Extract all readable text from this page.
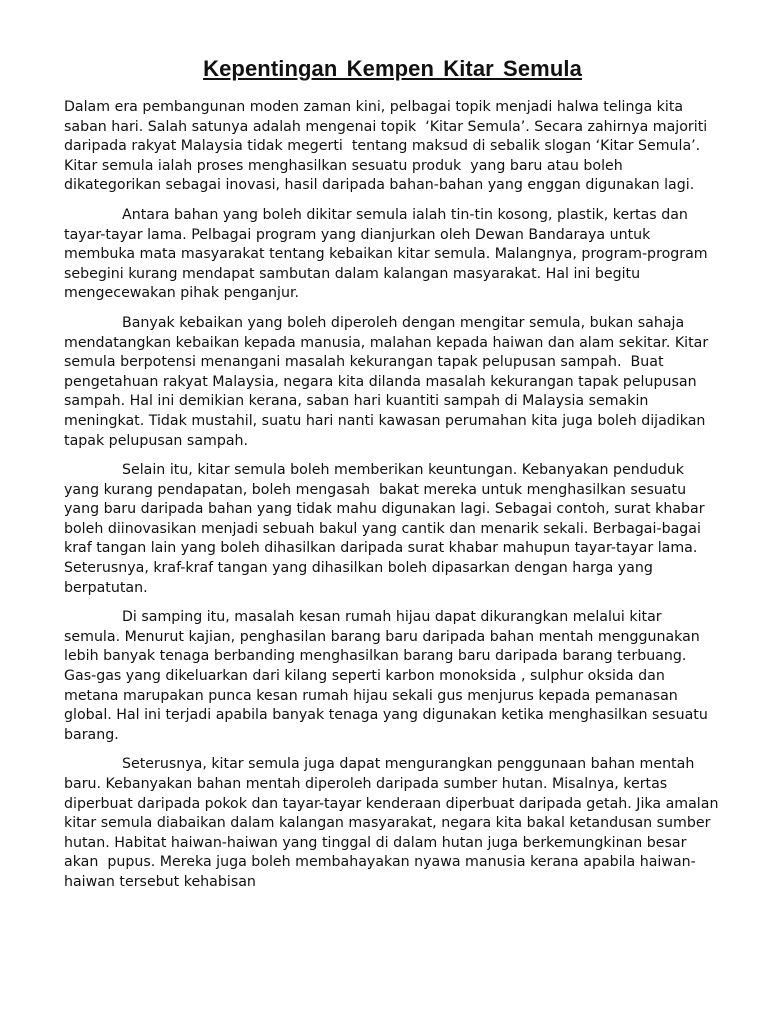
Kepentingan Kempen Kitar Semula

Dalam era pembangunan moden zaman kini, pelbagai topik menjadi halwa telinga kita saban hari. Salah satunya adalah mengenai topik  ‘Kitar Semula’. Secara zahirnya majoriti daripada rakyat Malaysia tidak megerti  tentang maksud di sebalik slogan ‘Kitar Semula’. Kitar semula ialah proses menghasilkan sesuatu produk  yang baru atau boleh dikategorikan sebagai inovasi, hasil daripada bahan-bahan yang enggan digunakan lagi.

Antara bahan yang boleh dikitar semula ialah tin-tin kosong, plastik, kertas dan tayar-tayar lama. Pelbagai program yang dianjurkan oleh Dewan Bandaraya untuk membuka mata masyarakat tentang kebaikan kitar semula. Malangnya, program-program sebegini kurang mendapat sambutan dalam kalangan masyarakat. Hal ini begitu mengecewakan pihak penganjur.

Banyak kebaikan yang boleh diperoleh dengan mengitar semula, bukan sahaja mendatangkan kebaikan kepada manusia, malahan kepada haiwan dan alam sekitar. Kitar semula berpotensi menangani masalah kekurangan tapak pelupusan sampah.  Buat pengetahuan rakyat Malaysia, negara kita dilanda masalah kekurangan tapak pelupusan sampah. Hal ini demikian kerana, saban hari kuantiti sampah di Malaysia semakin meningkat. Tidak mustahil, suatu hari nanti kawasan perumahan kita juga boleh dijadikan tapak pelupusan sampah.

Selain itu, kitar semula boleh memberikan keuntungan. Kebanyakan penduduk yang kurang pendapatan, boleh mengasah  bakat mereka untuk menghasilkan sesuatu yang baru daripada bahan yang tidak mahu digunakan lagi. Sebagai contoh, surat khabar boleh diinovasikan menjadi sebuah bakul yang cantik dan menarik sekali. Berbagai-bagai kraf tangan lain yang boleh dihasilkan daripada surat khabar mahupun tayar-tayar lama. Seterusnya, kraf-kraf tangan yang dihasilkan boleh dipasarkan dengan harga yang berpatutan.

Di samping itu, masalah kesan rumah hijau dapat dikurangkan melalui kitar semula. Menurut kajian, penghasilan barang baru daripada bahan mentah menggunakan lebih banyak tenaga berbanding menghasilkan barang baru daripada barang terbuang. Gas-gas yang dikeluarkan dari kilang seperti karbon monoksida , sulphur oksida dan metana marupakan punca kesan rumah hijau sekali gus menjurus kepada pemanasan global. Hal ini terjadi apabila banyak tenaga yang digunakan ketika menghasilkan sesuatu barang.

Seterusnya, kitar semula juga dapat mengurangkan penggunaan bahan mentah baru. Kebanyakan bahan mentah diperoleh daripada sumber hutan. Misalnya, kertas diperbuat daripada pokok dan tayar-tayar kenderaan diperbuat daripada getah. Jika amalan kitar semula diabaikan dalam kalangan masyarakat, negara kita bakal ketandusan sumber hutan. Habitat haiwan-haiwan yang tinggal di dalam hutan juga berkemungkinan besar akan  pupus. Mereka juga boleh membahayakan nyawa manusia kerana apabila haiwan-haiwan tersebut kehabisan
